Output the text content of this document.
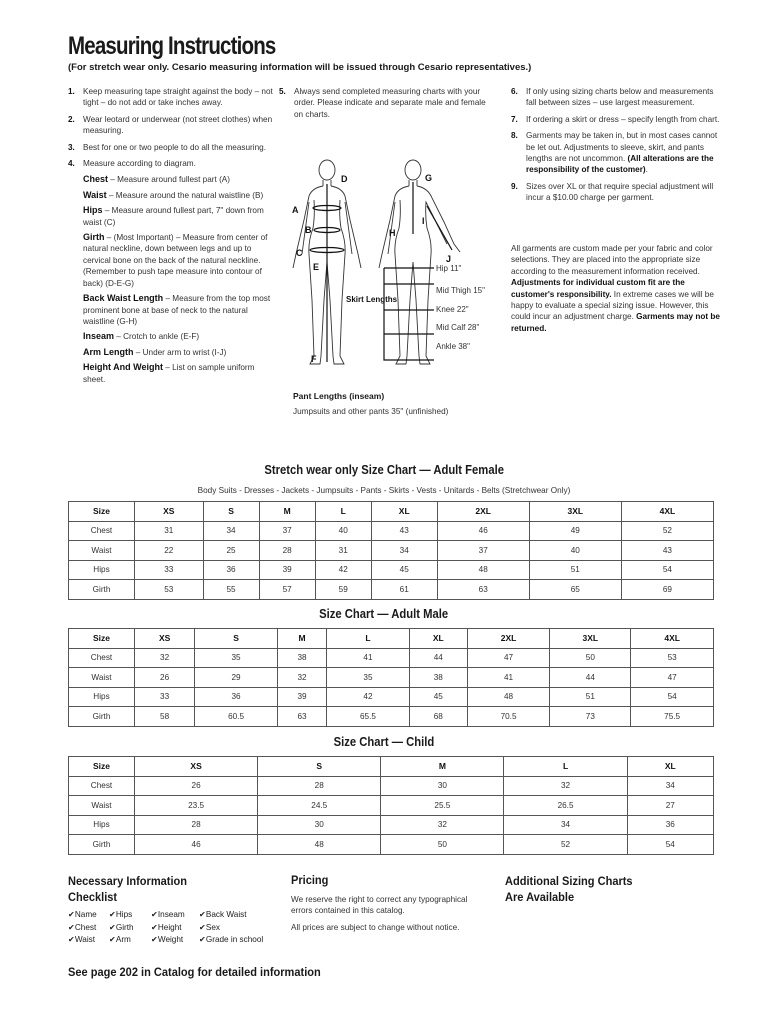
Measuring Instructions
(For stretch wear only. Cesario measuring information will be issued through Cesario representatives.)
1. Keep measuring tape straight against the body – not tight – do not add or take inches away.
2. Wear leotard or underwear (not street clothes) when measuring.
3. Best for one or two people to do all the measuring.
4. Measure according to diagram.
Chest – Measure around fullest part (A)
Waist – Measure around the natural waistline (B)
Hips – Measure around fullest part, 7" down from waist (C)
Girth – (Most Important) – Measure from center of natural neckline, down between legs and up to cervical bone on the back of the natural neckline. (Remember to push tape measure into contour of back) (D-E-G)
Back Waist Length – Measure from the top most prominent bone at base of neck to the natural waistline (G-H)
Inseam – Crotch to ankle (E-F)
Arm Length – Under arm to wrist (I-J)
Height And Weight – List on sample uniform sheet.
5. Always send completed measuring charts with your order. Please indicate and separate male and female on charts.
6. If only using sizing charts below and measurements fall between sizes – use largest measurement.
7. If ordering a skirt or dress – specify length from chart.
8. Garments may be taken in, but in most cases cannot be let out. Adjustments to sleeve, skirt, and pants lengths are not uncommon. (All alterations are the responsibility of the customer).
9. Sizes over XL or that require special adjustment will incur a $10.00 charge per garment.
All garments are custom made per your fabric and color selections. They are placed into the appropriate size according to the measurement information received. Adjustments for individual custom fit are the customer's responsibility. In extreme cases we will be happy to evaluate a special sizing issue. However, this could incur an adjustment charge. Garments may not be returned.
D
A
B
C
E
F
G
H
I
J
Skirt Lengths
Hip 11"
Mid Thigh 15"
Knee 22"
Mid Calf 28"
Ankle 38"
Pant Lengths (inseam)
Jumpsuits and other pants 35" (unfinished)
Stretch wear only Size Chart — Adult Female
Body Suits - Dresses - Jackets - Jumpsuits - Pants - Skirts - Vests - Unitards - Belts (Stretchwear Only)
Size	XS	S	M	L	XL	2XL	3XL	4XL
Chest	31	34	37	40	43	46	49	52
Waist	22	25	28	31	34	37	40	43
Hips	33	36	39	42	45	48	51	54
Girth	53	55	57	59	61	63	65	69
Size Chart — Adult Male
Size	XS	S	M	L	XL	2XL	3XL	4XL
Chest	32	35	38	41	44	47	50	53
Waist	26	29	32	35	38	41	44	47
Hips	33	36	39	42	45	48	51	54
Girth	58	60.5	63	65.5	68	70.5	73	75.5
Size Chart — Child
Size	XS	S	M	L	XL
Chest	26	28	30	32	34
Waist	23.5	24.5	25.5	26.5	27
Hips	28	30	32	34	36
Girth	46	48	50	52	54
Necessary Information
Checklist
✔Name	✔Hips	✔Inseam	✔Back Waist
✔Chest	✔Girth	✔Height	✔Sex
✔Waist	✔Arm	✔Weight	✔Grade in school
Pricing
We reserve the right to correct any typographical errors contained in this catalog.
All prices are subject to change without notice.
Additional Sizing Charts
Are Available
See page 202 in Catalog for detailed information
